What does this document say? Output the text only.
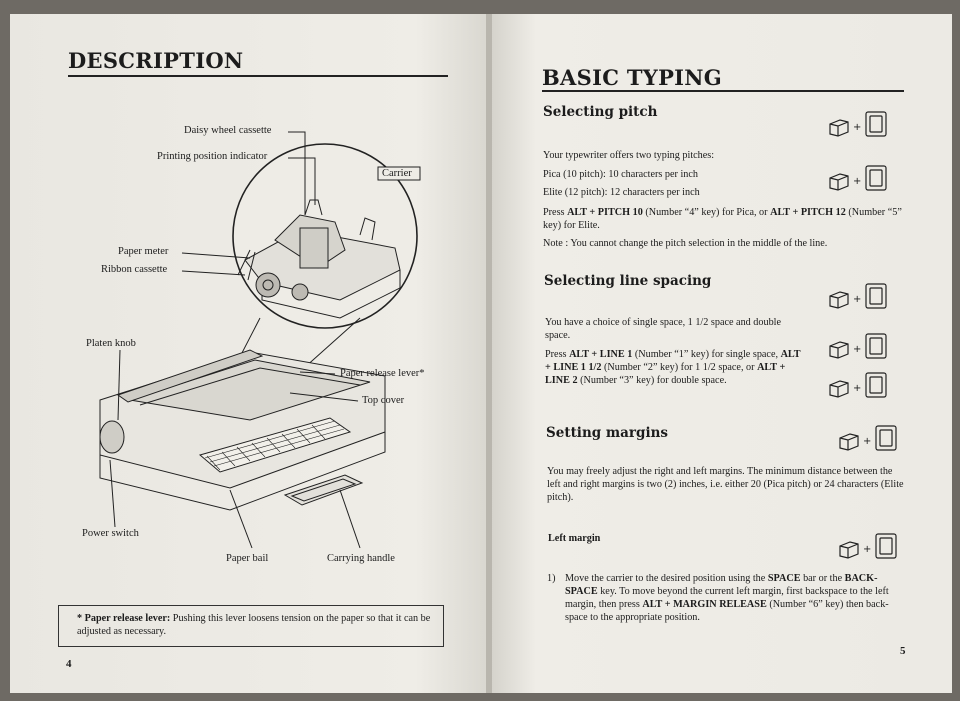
DESCRIPTION
Daisy wheel cassette
Printing position indicator
Carrier
Paper meter
Ribbon cassette
Platen knob
Paper release lever*
Top cover
Power switch
Paper bail	Carrying handle
* Paper release lever: Pushing this lever loosens tension on the paper so that it can be adjusted as necessary.
4
BASIC TYPING
Selecting pitch
Your typewriter offers two typing pitches:
Pica (10 pitch): 10 characters per inch
Elite (12 pitch): 12 characters per inch
Press ALT + PITCH 10 (Number “4” key) for Pica, or ALT + PITCH 12 (Number “5” key) for Elite.
Note : You cannot change the pitch selection in the middle of the line.
Selecting line spacing
You have a choice of single space, 1 1/2 space and double space.
Press ALT + LINE 1 (Number “1” key) for single space, ALT + LINE 1 1/2 (Number “2” key) for 1 1/2 space, or ALT + LINE 2 (Number “3” key) for double space.
Setting margins
You may freely adjust the right and left margins. The minimum distance between the left and right margins is two (2) inches, i.e. either 20 (Pica pitch) or 24 characters (Elite pitch).
Left margin
1) Move the carrier to the desired position using the SPACE bar or the BACK-SPACE key. To move beyond the current left margin, first backspace to the left margin, then press ALT + MARGIN RELEASE (Number “6” key) then back-space to the appropriate position.
5
+
+
+
+
+
+
+
